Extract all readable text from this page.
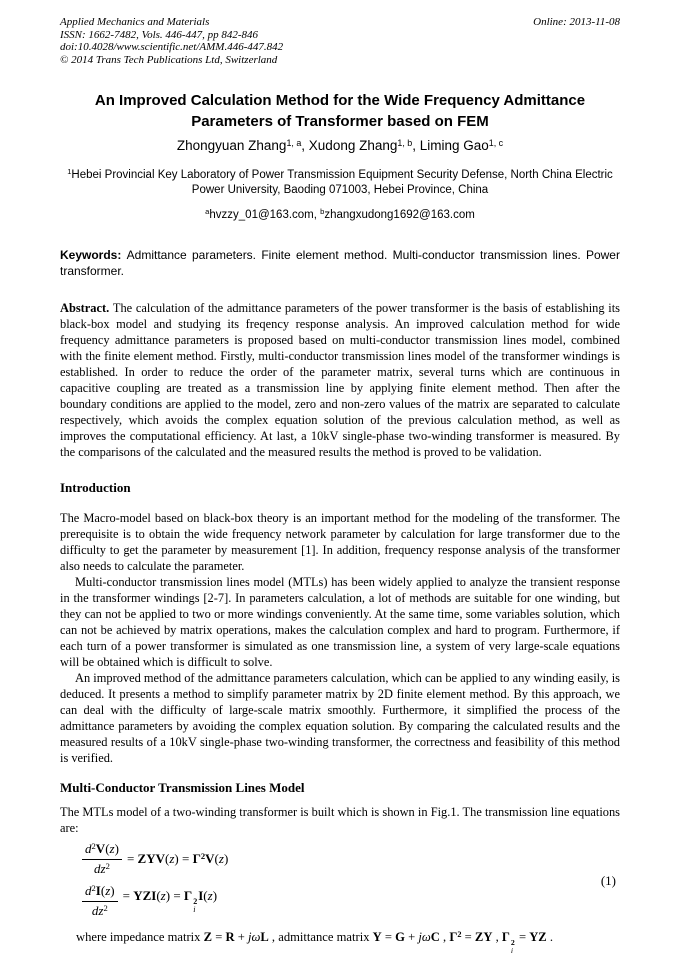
Applied Mechanics and Materials
ISSN: 1662-7482, Vols. 446-447, pp 842-846
doi:10.4028/www.scientific.net/AMM.446-447.842
© 2014 Trans Tech Publications Ltd, Switzerland
Online: 2013-11-08
An Improved Calculation Method for the Wide Frequency Admittance
Parameters of Transformer based on FEM
Zhongyuan Zhang$^{1, a}$, Xudong Zhang$^{1, b}$, Liming Gao$^{1, c}$
$^1$Hebei Provincial Key Laboratory of Power Transmission Equipment Security Defense, North China Electric Power University, Baoding 071003, Hebei Province, China
$^a$hvzzy_01@163.com, $^b$zhangxudong1692@163.com

Keywords: Admittance parameters. Finite element method. Multi-conductor transmission lines. Power transformer.

Abstract. The calculation of the admittance parameters of the power transformer is the basis of establishing its black-box model and studying its freqency response analysis. An improved calculation method for wide frequency admittance parameters is proposed based on multi-conductor transmission lines model, combined with the finite element method. Firstly, multi-conductor transmission lines model of the transformer windings is established. In order to reduce the order of the parameter matrix, several turns which are continuous in capacitive coupling are treated as a transmission line by applying finite element method. Then after the boundary conditions are applied to the model, zero and non-zero values of the matrix are separated to calculate respectively, which avoids the complex equation solution of the previous calculation method, as well as improves the computational efficiency. At last, a 10kV single-phase two-winding transformer is measured. By the comparisons of the calculated and the measured results the method is proved to be validation.

Introduction

The Macro-model based on black-box theory is an important method for the modeling of the transformer. The prerequisite is to obtain the wide frequency network parameter by calculation for large transformer due to the difficulty to get the parameter by measurement [1]. In addition, frequency response analysis of the transformer also needs to calculate the parameter.

Multi-conductor transmission lines model (MTLs) has been widely applied to analyze the transient response in the transformer windings [2-7]. In parameters calculation, a lot of methods are suitable for one winding, but they can not be applied to two or more windings conveniently. At the same time, some variables solution, which can not be achieved by matrix operations, makes the calculation complex and hard to program. Furthermore, if each turn of a power transformer is simulated as one transmission line, a system of very large-scale equations will be obtained which is difficult to solve.

An improved method of the admittance parameters calculation, which can be applied to any winding easily, is deduced. It presents a method to simplify parameter matrix by 2D finite element method. By this approach, we can deal with the difficulty of large-scale matrix smoothly. Furthermore, it simplified the process of the admittance parameters by avoiding the complex equation solution. By comparing the calculated results and the measured results of a 10kV single-phase two-winding transformer, the correctness and feasibility of this method is verified.

Multi-Conductor Transmission Lines Model

The MTLs model of a two-winding transformer is built which is shown in Fig.1. The transmission line equations are:

$\frac{d^2V(z)}{dz^2} = ZYV(z) = \Gamma^2V(z)$
$\frac{d^2I(z)}{dz^2} = YZI(z) = \Gamma$ 2
i
I(z)
(1)

where impedance matrix Z = R + jωL , admittance matrix Y = G + jωC , $\Gamma^2$ = ZY , Γ 2
i
= YZ .
